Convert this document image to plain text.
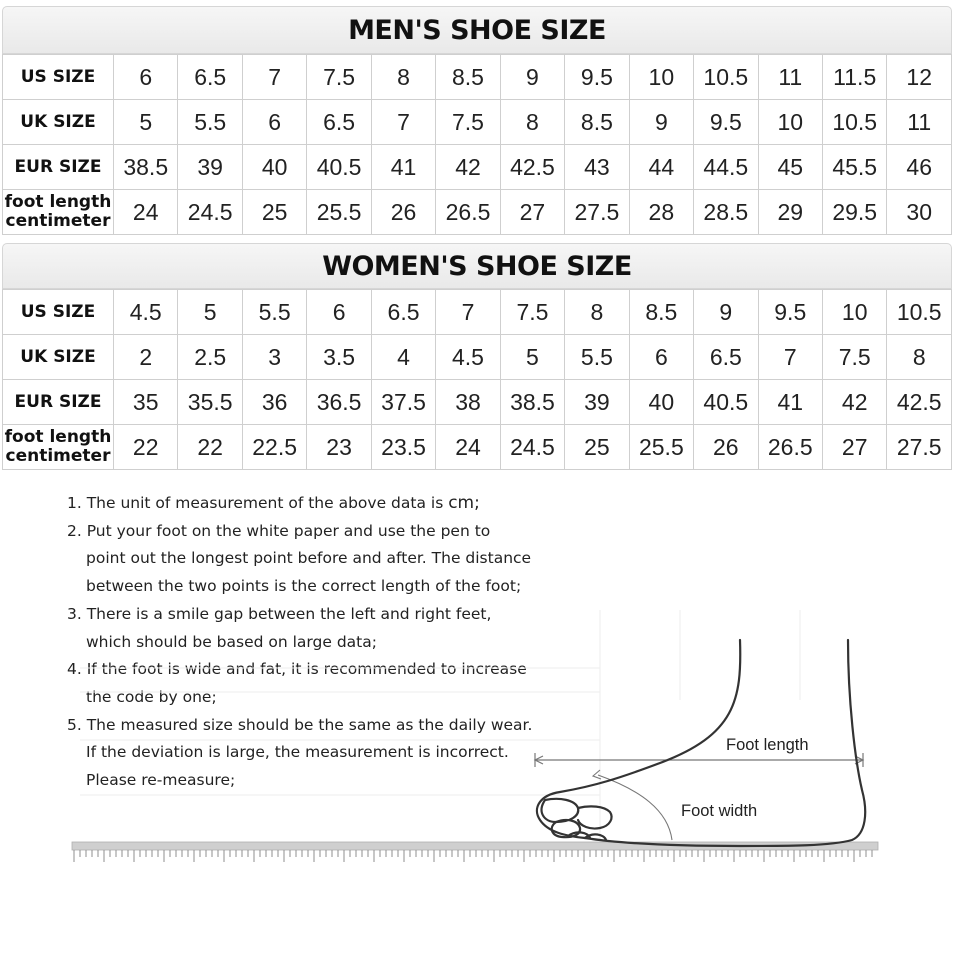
MEN'S SHOE SIZE
US SIZE	6	6.5	7	7.5	8	8.5	9	9.5	10	10.5	11	11.5	12

UK SIZE	5	5.5	6	6.5	7	7.5	8	8.5	9	9.5	10	10.5	11

EUR SIZE	38.5	39	40	40.5	41	42	42.5	43	44	44.5	45	45.5	46

foot length
centimeter	24	24.5	25	25.5	26	26.5	27	27.5	28	28.5	29	29.5	30
WOMEN'S SHOE SIZE
US SIZE	4.5	5	5.5	6	6.5	7	7.5	8	8.5	9	9.5	10	10.5

UK SIZE	2	2.5	3	3.5	4	4.5	5	5.5	6	6.5	7	7.5	8

EUR SIZE	35	35.5	36	36.5	37.5	38	38.5	39	40	40.5	41	42	42.5

foot length
centimeter	22	22	22.5	23	23.5	24	24.5	25	25.5	26	26.5	27	27.5
1. The unit of measurement of the above data is cm;
2. Put your foot on the white paper and use the pen to
point out the longest point before and after. The distance
between the two points is the correct length of the foot;
3. There is a smile gap between the left and right feet,
which should be based on large data;
4. If the foot is wide and fat, it is recommended to increase
the code by one;
5. The measured size should be the same as the daily wear.
If the deviation is large, the measurement is incorrect.
Please re-measure;
Foot length
Foot width
